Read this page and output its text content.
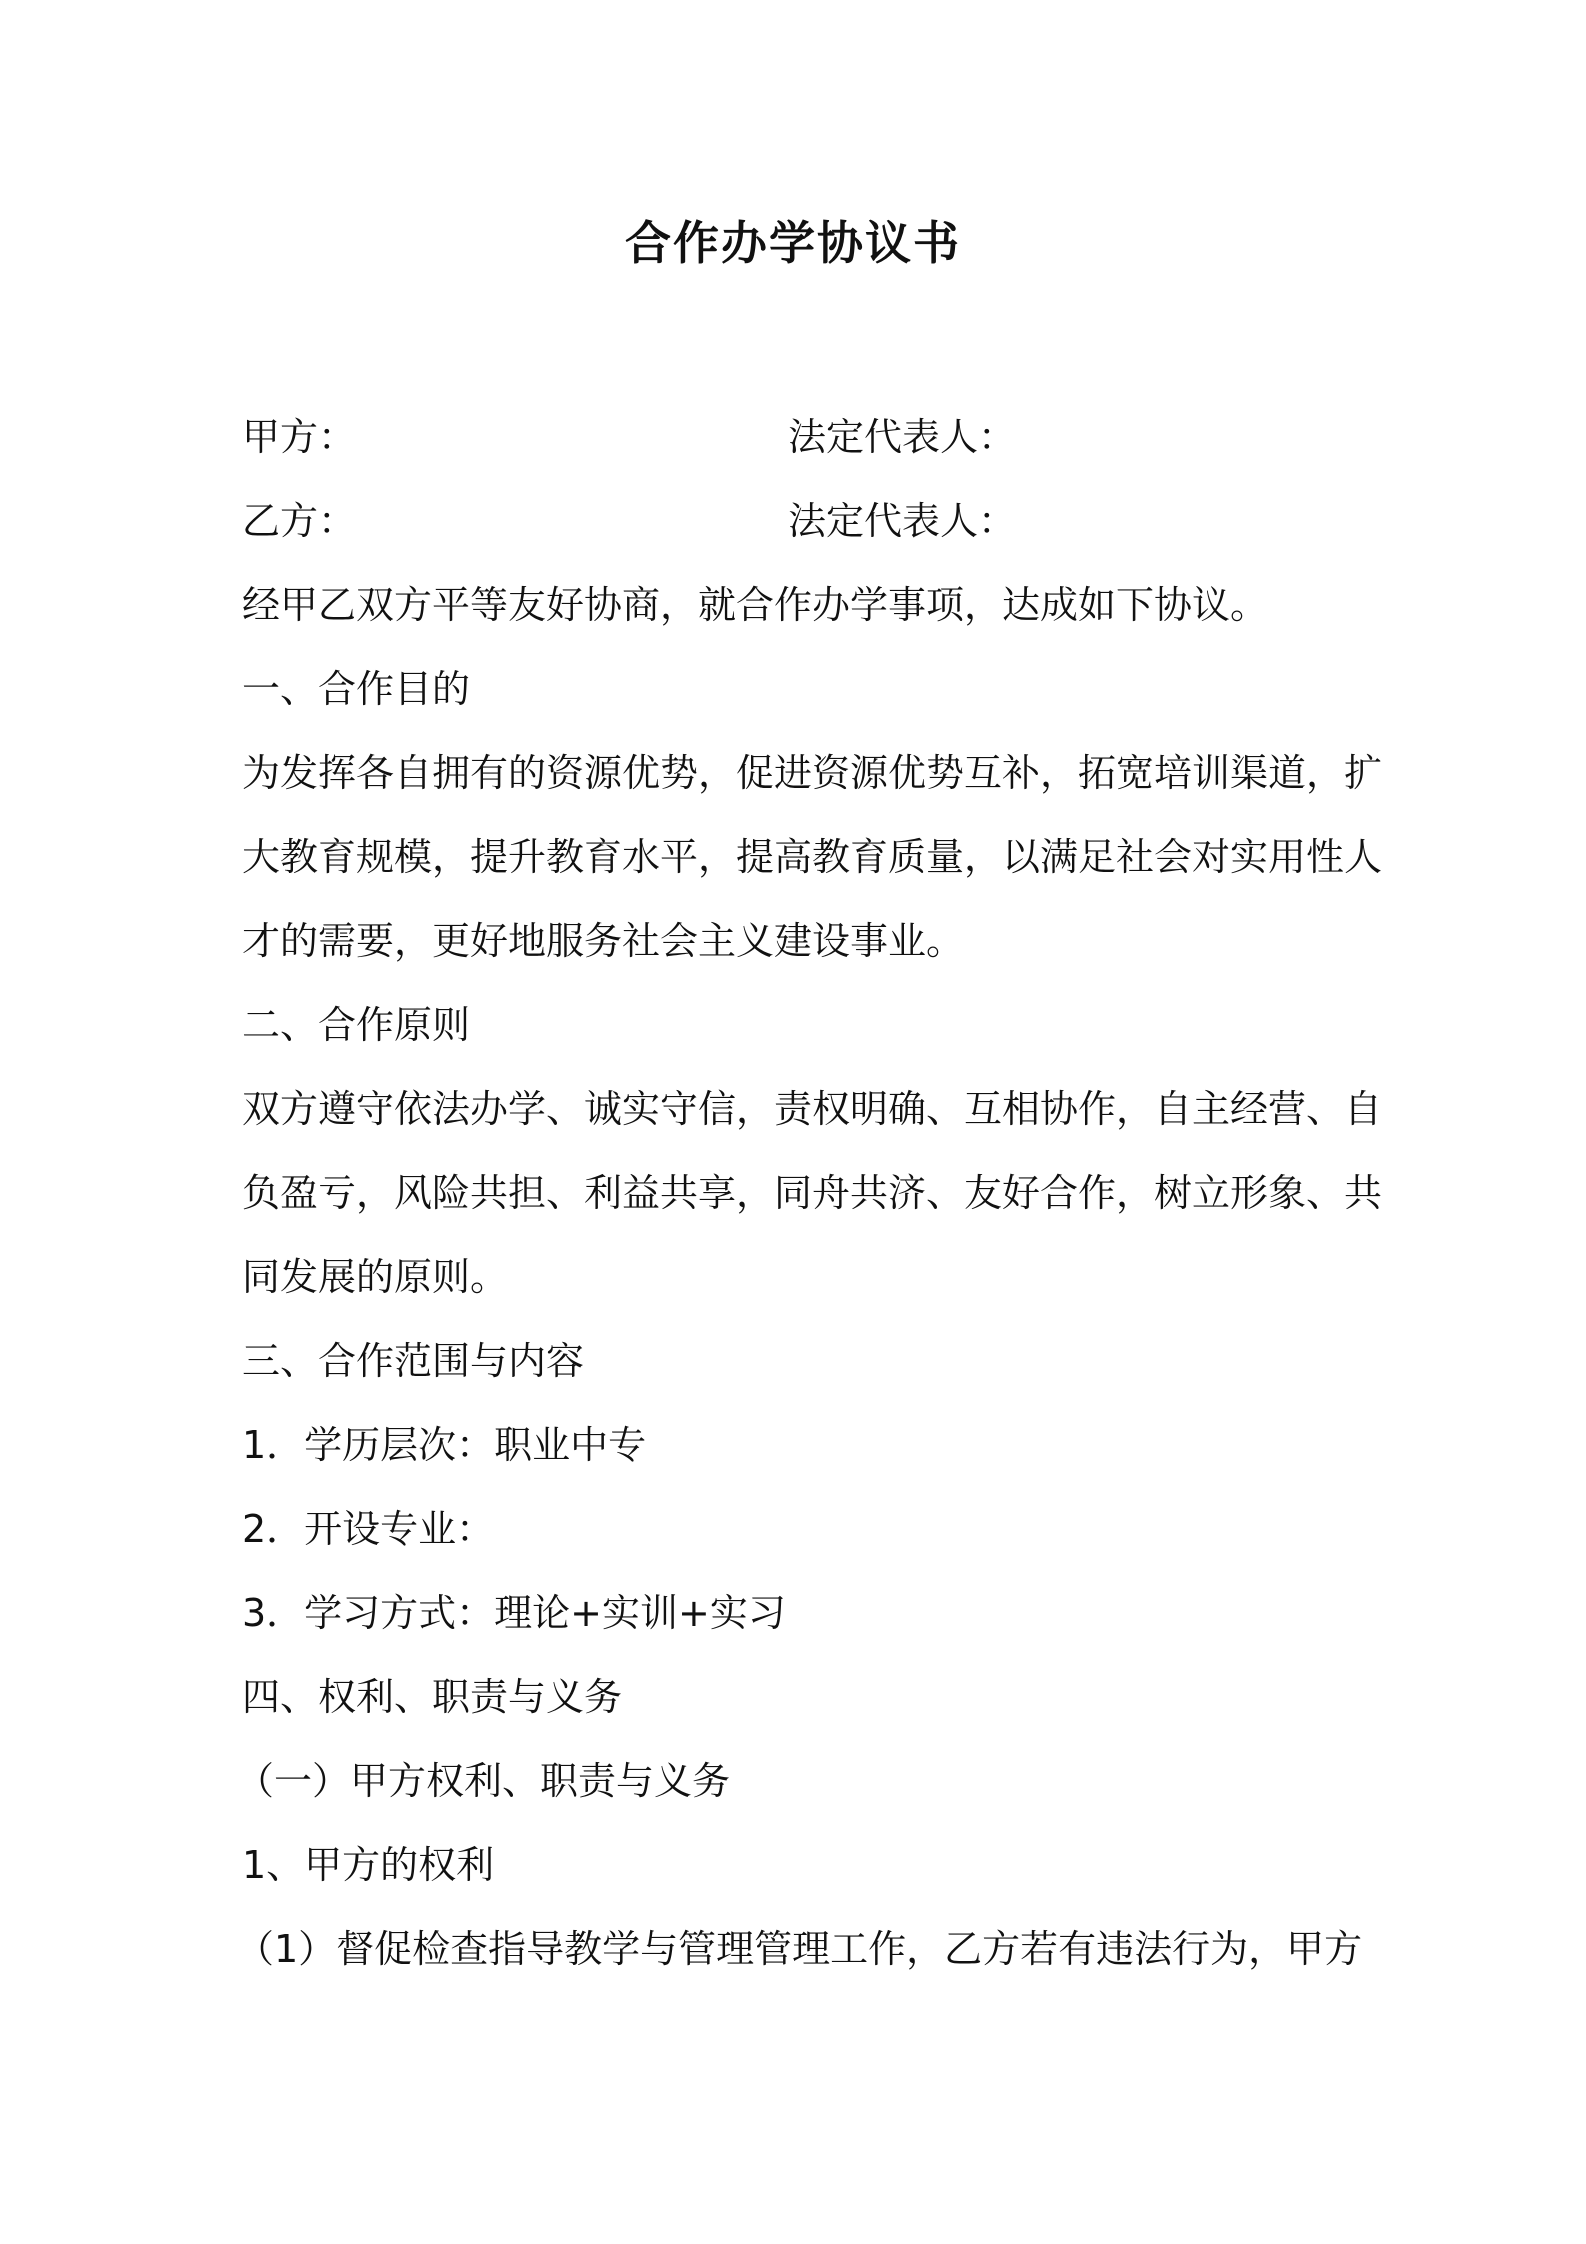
合作办学协议书
甲方：	法定代表人：
乙方：	法定代表人：
经甲乙双方平等友好协商，就合作办学事项，达成如下协议。
一、合作目的
为发挥各自拥有的资源优势，促进资源优势互补，拓宽培训渠道，扩
大教育规模，提升教育水平，提高教育质量，以满足社会对实用性人
才的需要，更好地服务社会主义建设事业。
二、合作原则
双方遵守依法办学、诚实守信，责权明确、互相协作，自主经营、自
负盈亏，风险共担、利益共享，同舟共济、友好合作，树立形象、共
同发展的原则。
三、合作范围与内容
1．学历层次：职业中专
2．开设专业：
3．学习方式：理论+实训+实习
四、权利、职责与义务
（一）甲方权利、职责与义务
1、甲方的权利
（1）督促检查指导教学与管理管理工作，乙方若有违法行为，甲方
